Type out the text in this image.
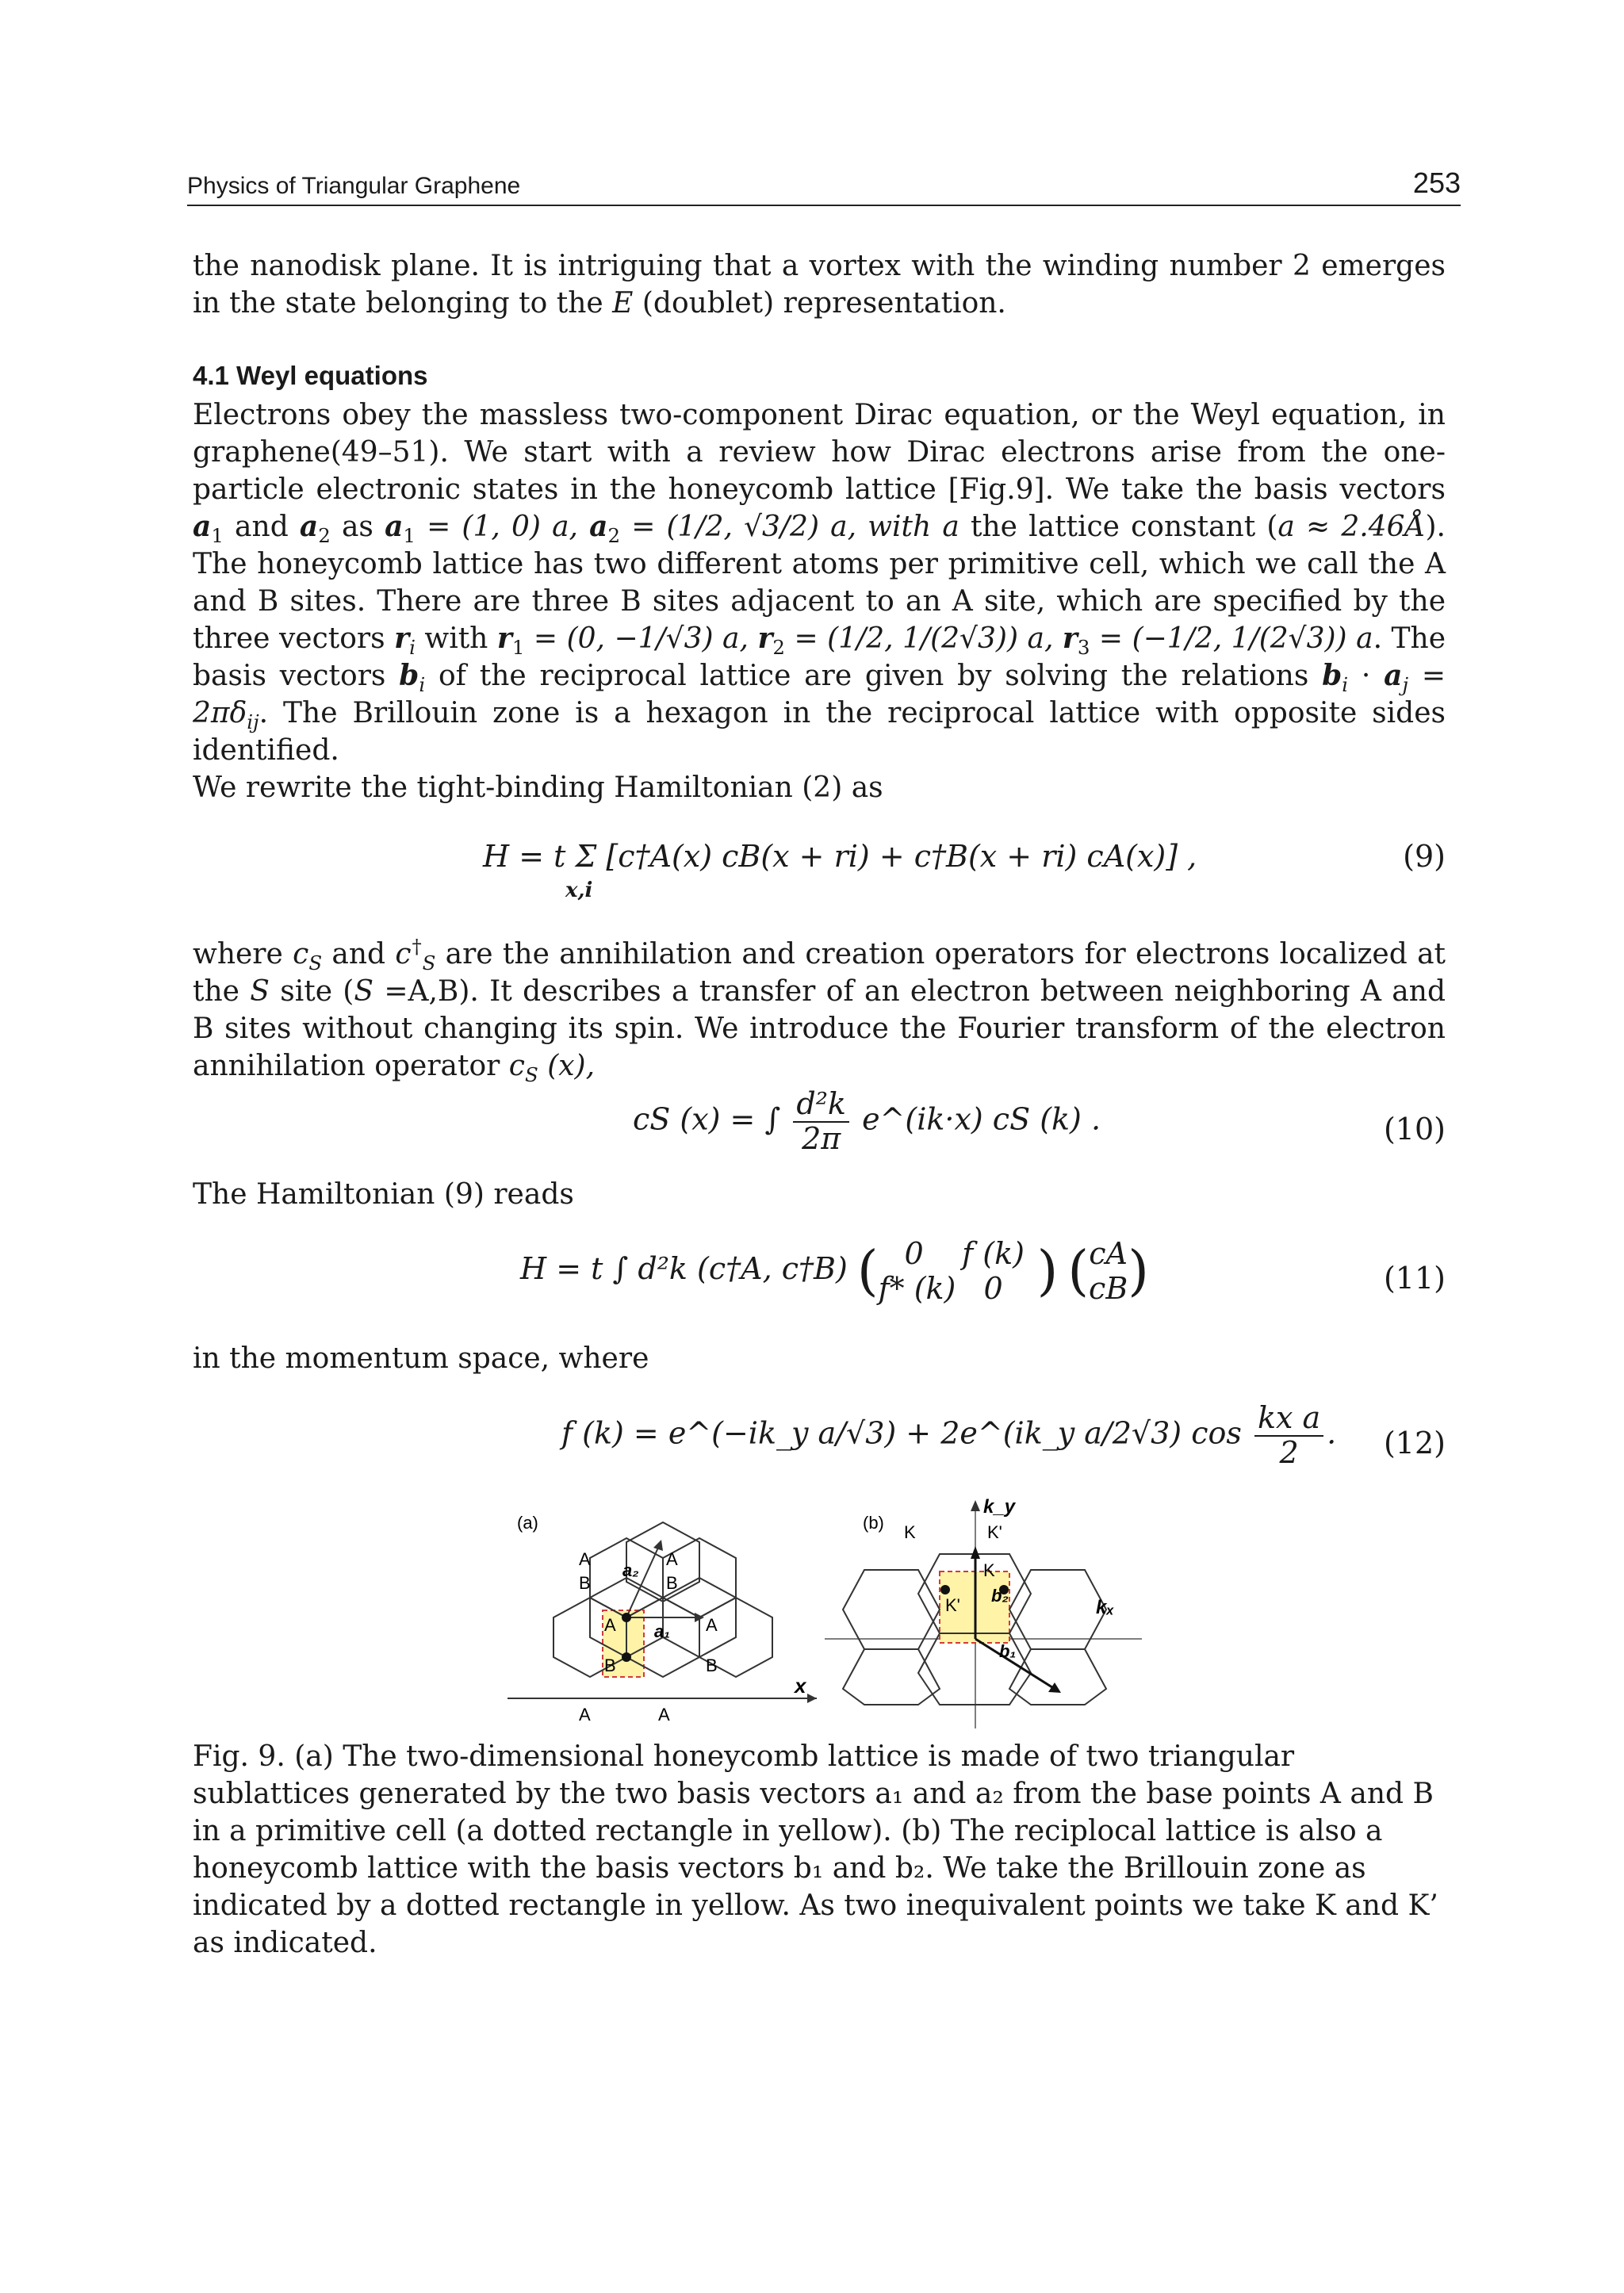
Physics of Triangular Graphene	253

the nanodisk plane. It is intriguing that a vortex with the winding number 2 emerges in the state belonging to the E (doublet) representation.

4.1 Weyl equations

Electrons obey the massless two-component Dirac equation, or the Weyl equation, in graphene(49–51). We start with a review how Dirac electrons arise from the one-particle electronic states in the honeycomb lattice [Fig.9]. We take the basis vectors $a_1$ and $a_2$ as $a_1 = (1$, 0) a, $a_2 = (1/2$, √3/2) a, with a the lattice constant (a ≈ 2.46Å). The honeycomb lattice has two different atoms per primitive cell, which we call the A and B sites. There are three B sites adjacent to an A site, which are specified by the three vectors $r_i$ with $r_1 = (0$, −1/√3) a, $r_2 = (1/2$, 1/(2√3)) a, $r_3 = (-1/2$, 1/(2√3)) a. The basis vectors $b_i$ of the reciprocal lattice are given by solving the relations $b_i \cdot a_j = 2\pi\delta_{ij}$. The Brillouin zone is a hexagon in the reciprocal lattice with opposite sides identified.

We rewrite the tight-binding Hamiltonian (2) as

H = t Σ [c†A(x) cB(x + ri) + c†B(x + ri) cA(x)] ,
x,i
(9)

where $c_S$ and $c^\dagger_S$ are the annihilation and creation operators for electrons localized at the S site (S =A,B). It describes a transfer of an electron between neighboring A and B sites without changing its spin. We introduce the Fourier transform of the electron annihilation operator $c_S$ (x),

cS (x) = ∫ $\frac{\text{d²k}}{2\pi}$ e^(ik·x) cS (k) .	(10)

The Hamiltonian (9) reads

H = t ∫ d²k (c†A, c†B) ( 0 f (k)
f* (k) 0 ) (cA
cB)	(11)

in the momentum space, where

f (k) = e^(−ik_y a/√3) + 2e^(ik_y a/2√3) $\cos \frac{\text{kx a}}{2}$ . (12)
(a)
A
B
A
B
A
B
A
B
A	A
a₂
a₁
x
(b) K	K'
K
K' b₂
b₁
kₓ
k_y
Fig. 9. (a) The two-dimensional honeycomb lattice is made of two triangular sublattices generated by the two basis vectors a₁ and a₂ from the base points A and B in a primitive cell (a dotted rectangle in yellow). (b) The reciplocal lattice is also a honeycomb lattice with the basis vectors b₁ and b₂. We take the Brillouin zone as indicated by a dotted rectangle in yellow. As two inequivalent points we take K and K’ as indicated.
